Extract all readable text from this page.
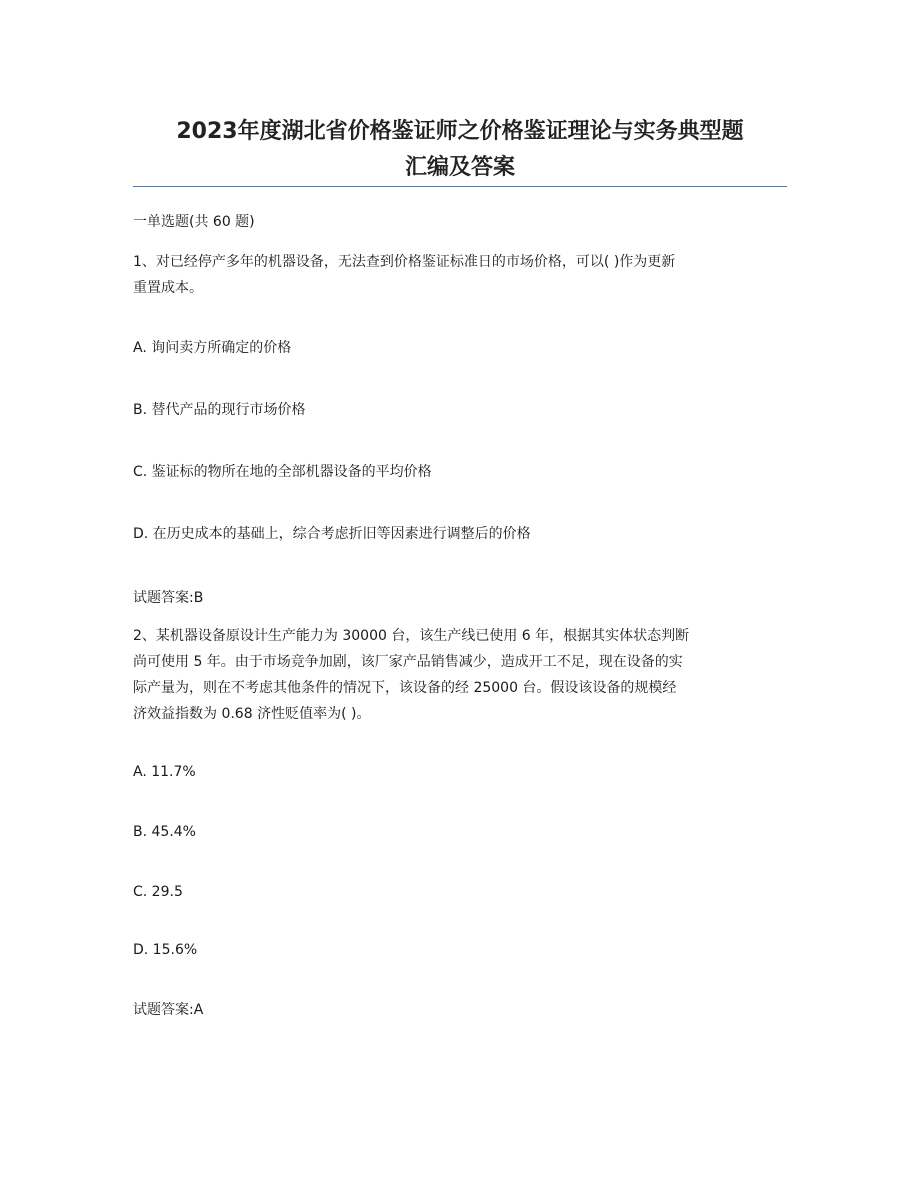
2023年度湖北省价格鉴证师之价格鉴证理论与实务典型题
汇编及答案

一单选题(共 60 题)

1、对已经停产多年的机器设备，无法查到价格鉴证标准日的市场价格，可以( )作为更新

重置成本。

A. 询问卖方所确定的价格

B. 替代产品的现行市场价格

C. 鉴证标的物所在地的全部机器设备的平均价格

D. 在历史成本的基础上，综合考虑折旧等因素进行调整后的价格

试题答案:B

2、某机器设备原设计生产能力为 30000 台，该生产线已使用 6 年，根据其实体状态判断

尚可使用 5 年。由于市场竞争加剧，该厂家产品销售减少，造成开工不足，现在设备的实

际产量为，则在不考虑其他条件的情况下，该设备的经 25000 台。假设该设备的规模经

济效益指数为 0.68 济性贬值率为( )。

A. 11.7%

B. 45.4%

C. 29.5

D. 15.6%

试题答案:A
